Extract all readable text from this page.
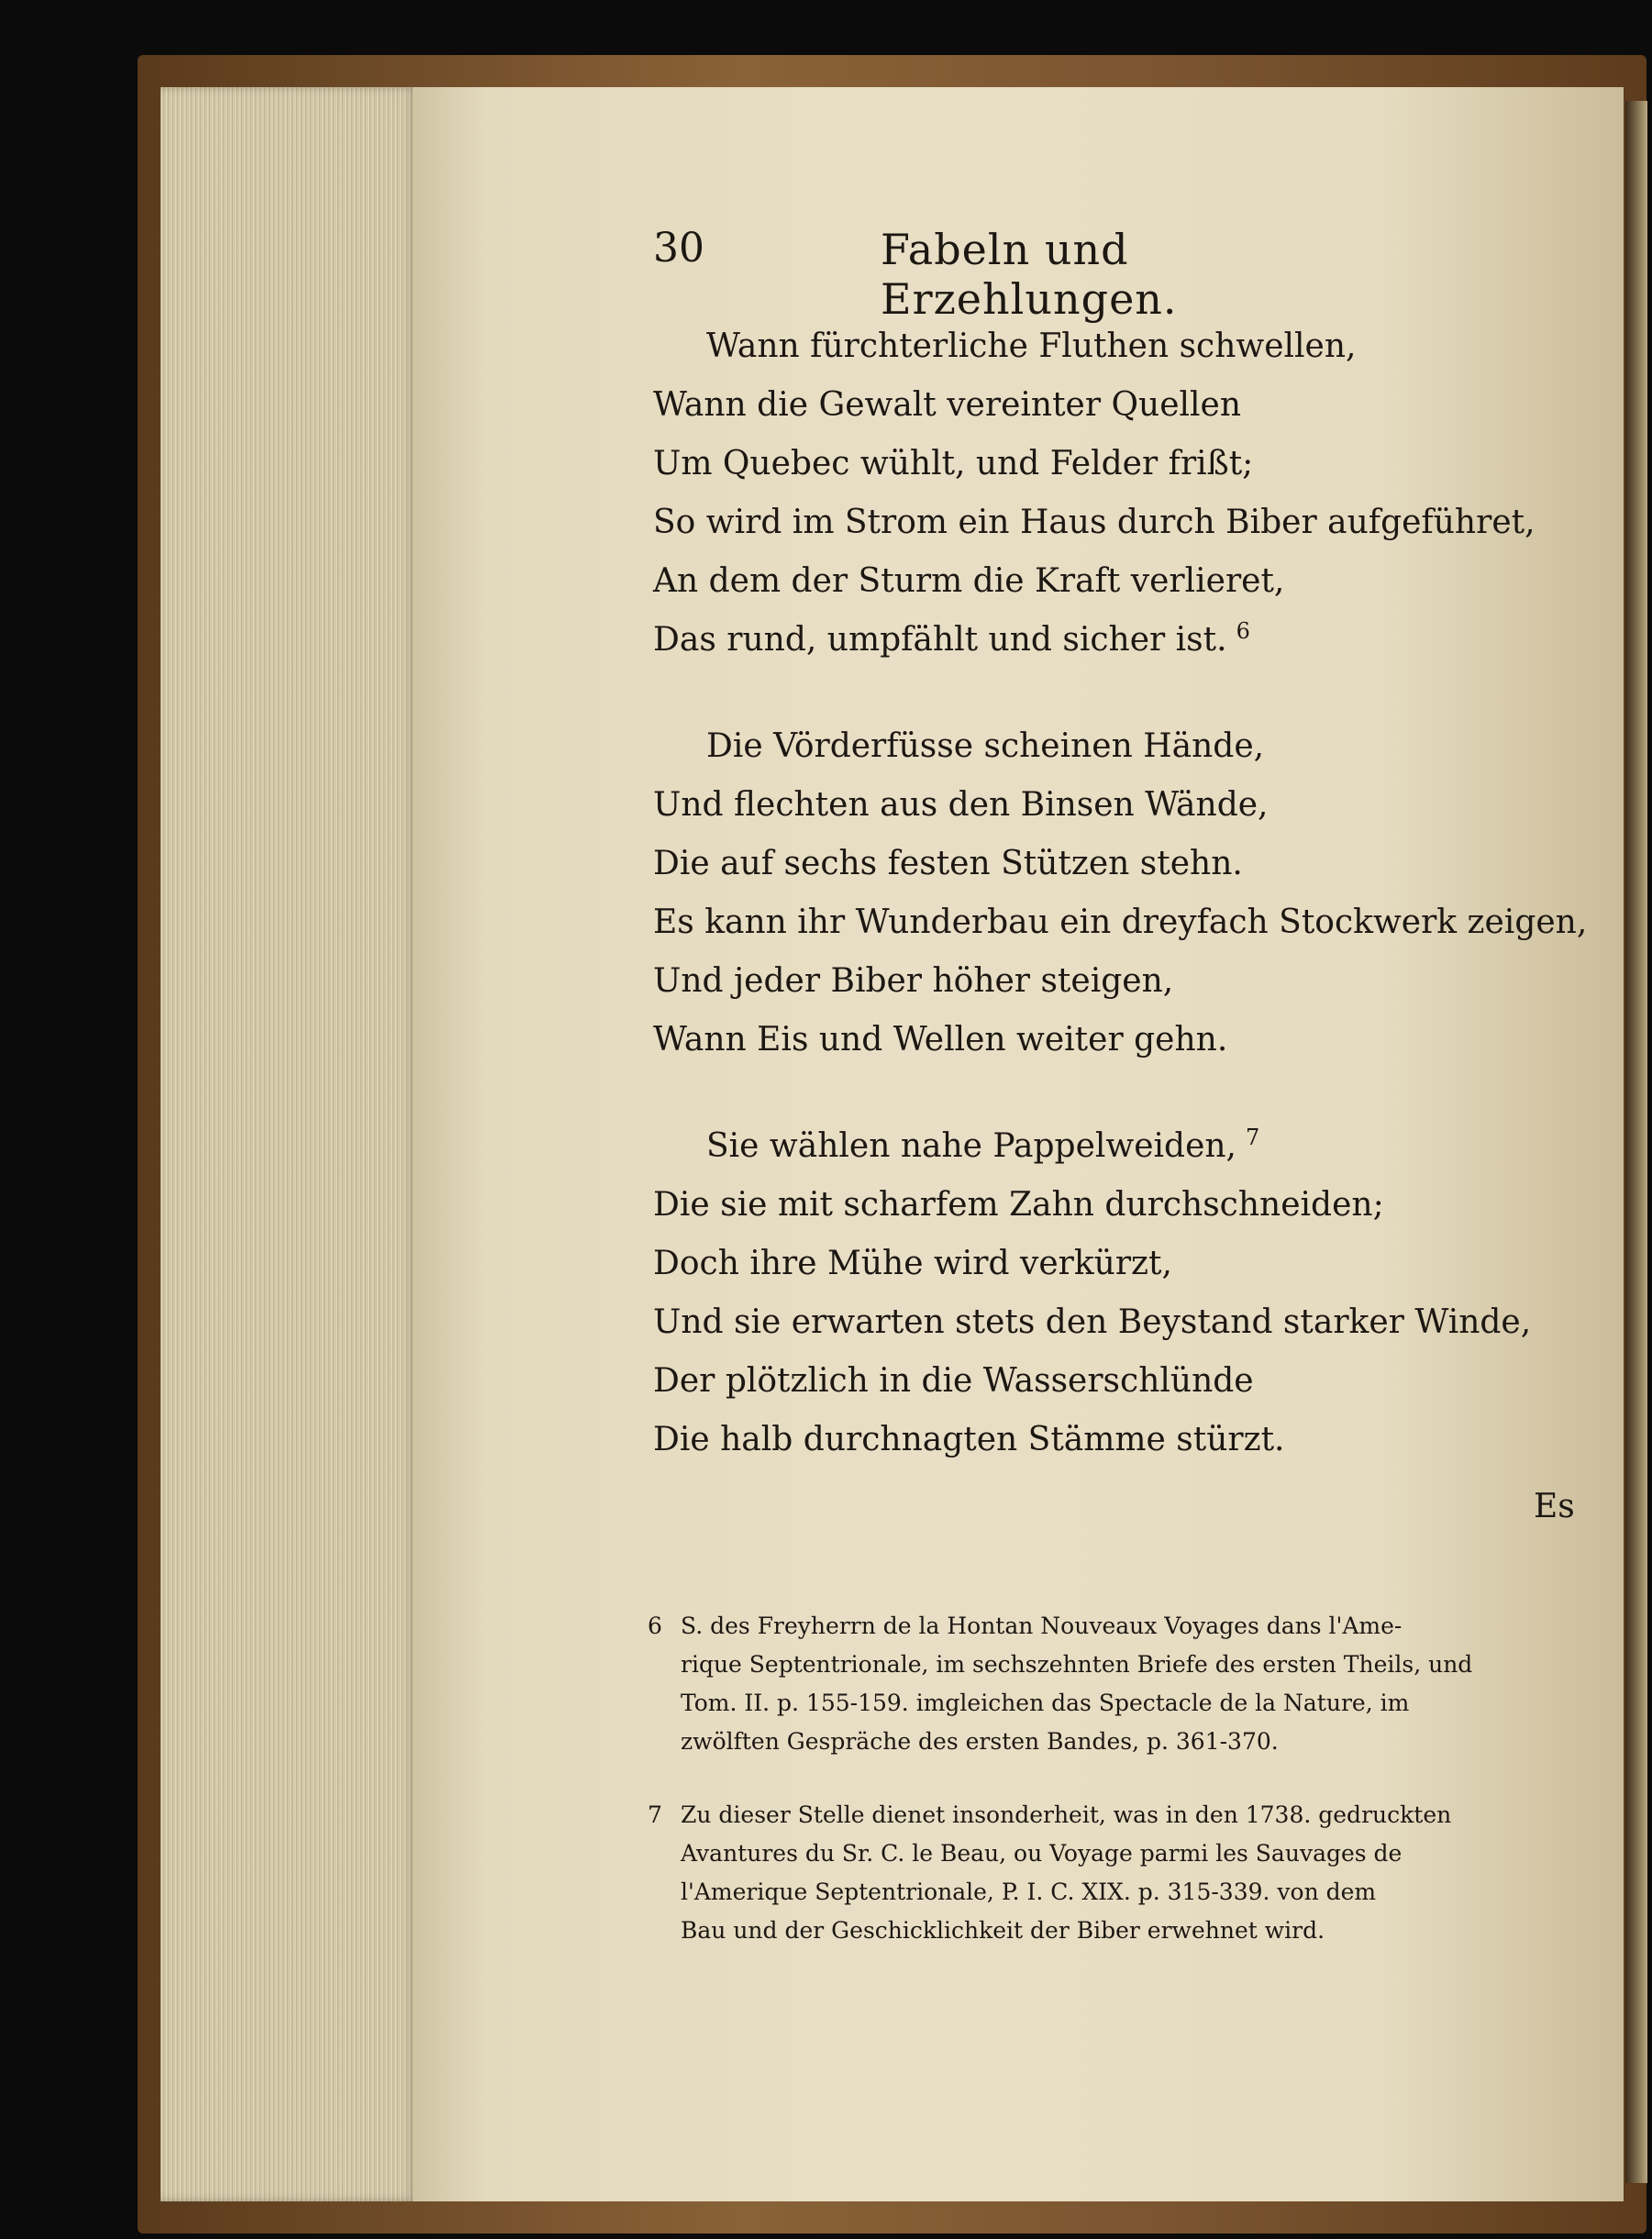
30	Fabeln und Erzehlungen.
Wann fürchterliche Fluthen schwellen,
Wann die Gewalt vereinter Quellen
Um Quebec wühlt, und Felder frißt;
So wird im Strom ein Haus durch Biber aufgeführet,
An dem der Sturm die Kraft verlieret,
Das rund, umpfählt und sicher ist. $^6$
Die Vörderfüsse scheinen Hände,
Und flechten aus den Binsen Wände,
Die auf sechs festen Stützen stehn.
Es kann ihr Wunderbau ein dreyfach Stockwerk zeigen,
Und jeder Biber höher steigen,
Wann Eis und Wellen weiter gehn.
Sie wählen nahe Pappelweiden, $^7$
Die sie mit scharfem Zahn durchschneiden;
Doch ihre Mühe wird verkürzt,
Und sie erwarten stets den Beystand starker Winde,
Der plötzlich in die Wasserschlünde
Die halb durchnagten Stämme stürzt.
Es
6 S. des Freyherrn de la Hontan Nouveaux Voyages dans l'Ame-
rique Septentrionale, im sechszehnten Briefe des ersten Theils, und
Tom. II. p. 155-159. imgleichen das Spectacle de la Nature, im
zwölften Gespräche des ersten Bandes, p. 361-370.
7 Zu dieser Stelle dienet insonderheit, was in den 1738. gedruckten
Avantures du Sr. C. le Beau, ou Voyage parmi les Sauvages de
l'Amerique Septentrionale, P. I. C. XIX. p. 315-339. von dem
Bau und der Geschicklichkeit der Biber erwehnet wird.
